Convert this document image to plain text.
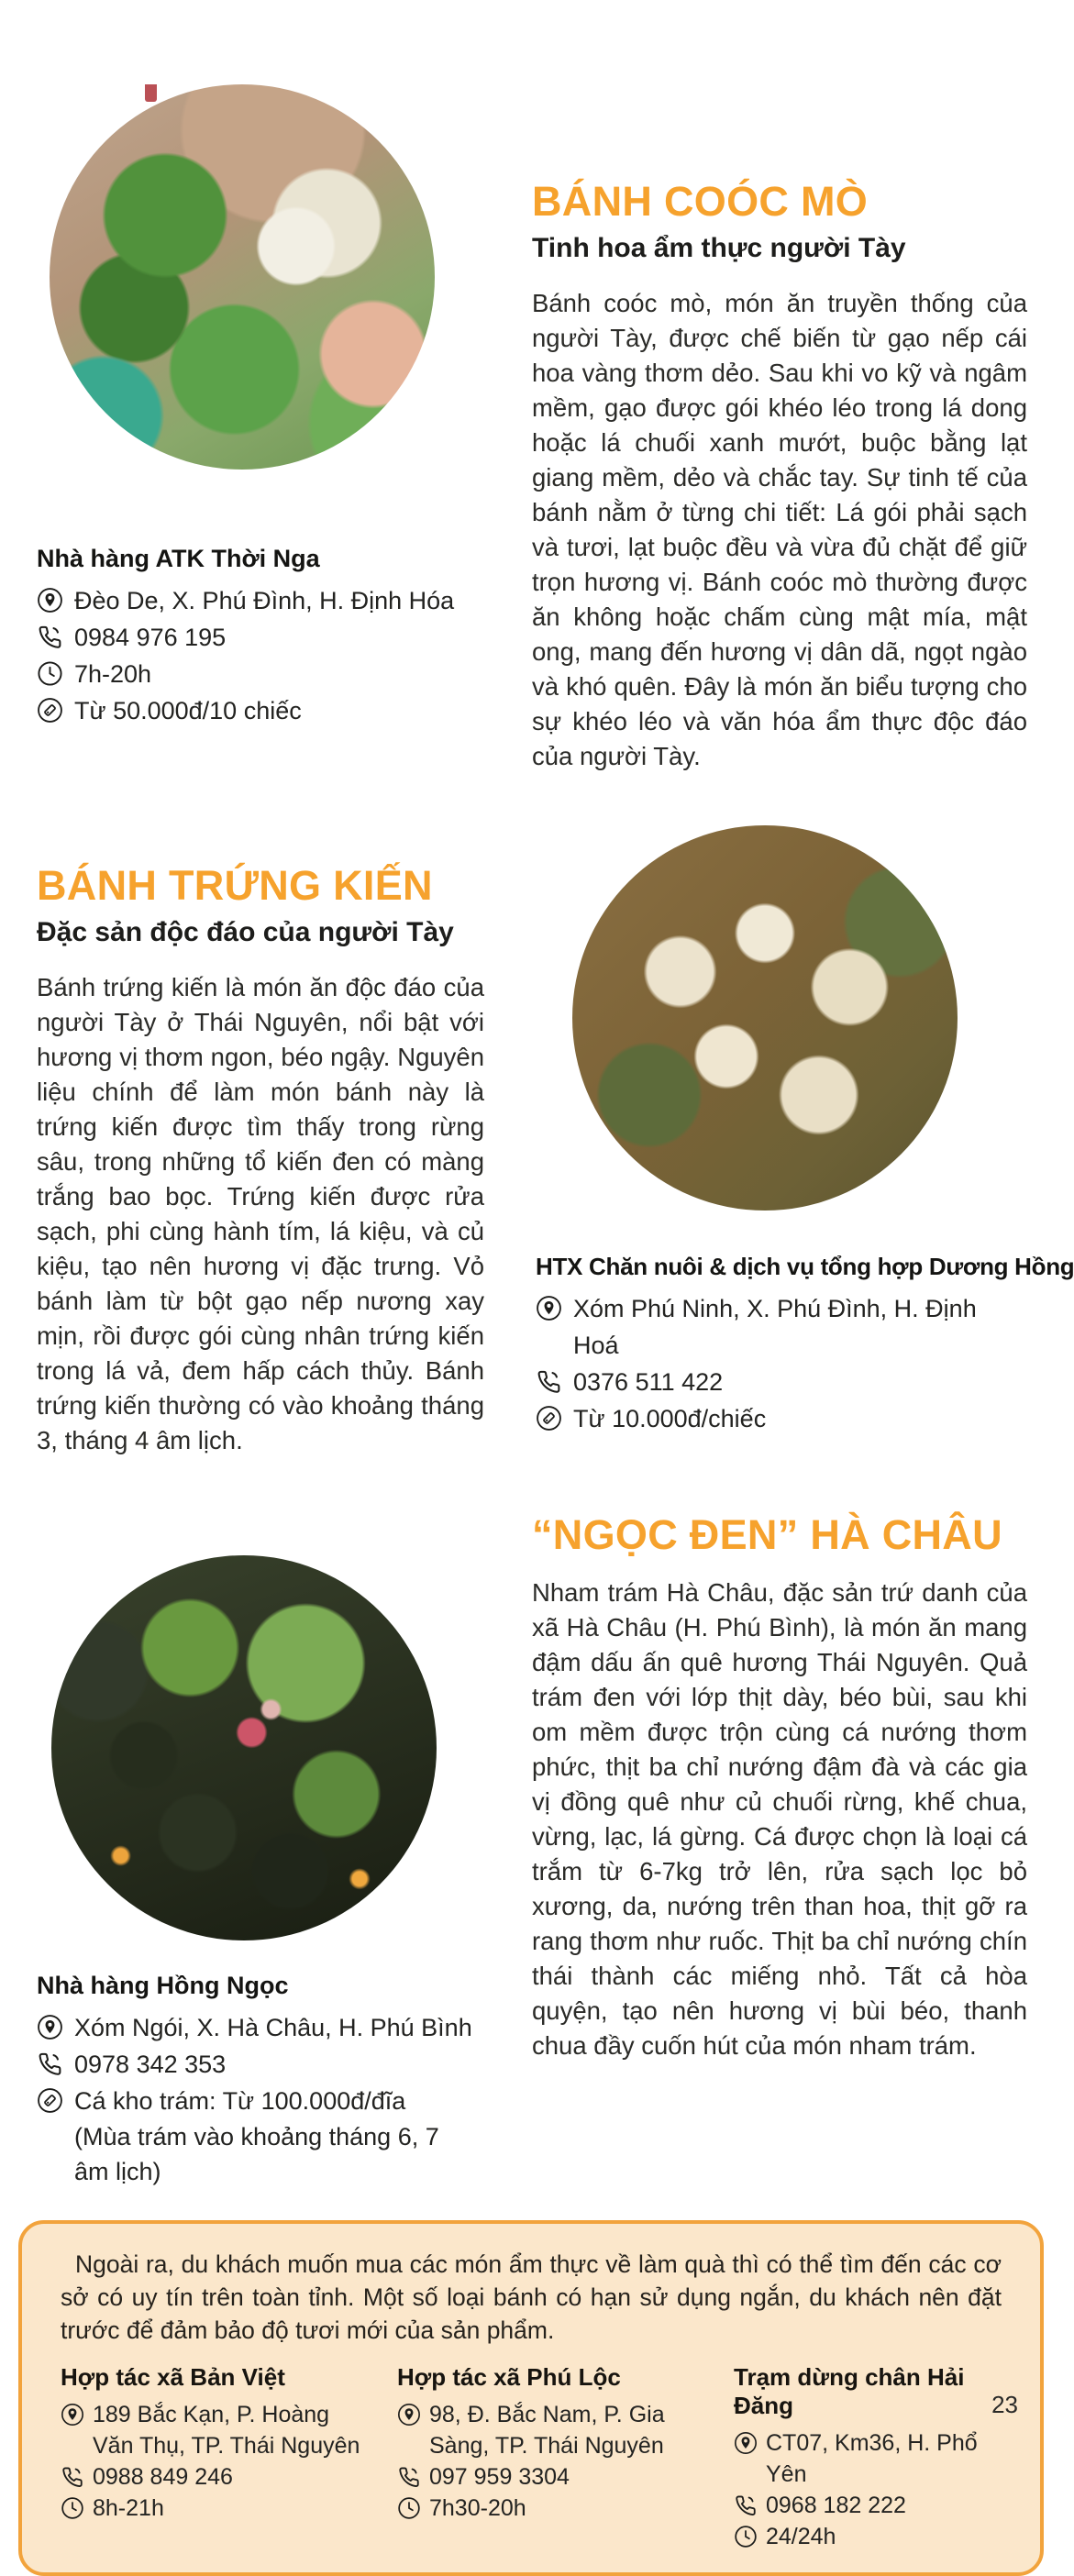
Nhà hàng ATK Thời Nga
Đèo De, X. Phú Đình, H. Định Hóa
0984 976 195
7h-20h
Từ 50.000đ/10 chiếc
BÁNH COÓC MÒ
Tinh hoa ẩm thực người Tày

Bánh coóc mò, món ăn truyền thống của người Tày, được chế biến từ gạo nếp cái hoa vàng thơm dẻo. Sau khi vo kỹ và ngâm mềm, gạo được gói khéo léo trong lá dong hoặc lá chuối xanh mướt, buộc bằng lạt giang mềm, dẻo và chắc tay. Sự tinh tế của bánh nằm ở từng chi tiết: Lá gói phải sạch và tươi, lạt buộc đều và vừa đủ chặt để giữ trọn hương vị. Bánh coóc mò thường được ăn không hoặc chấm cùng mật mía, mật ong, mang đến hương vị dân dã, ngọt ngào và khó quên. Đây là món ăn biểu tượng cho sự khéo léo và văn hóa ẩm thực độc đáo của người Tày.

BÁNH TRỨNG KIẾN
Đặc sản độc đáo của người Tày

Bánh trứng kiến là món ăn độc đáo của người Tày ở Thái Nguyên, nổi bật với hương vị thơm ngon, béo ngậy. Nguyên liệu chính để làm món bánh này là trứng kiến được tìm thấy trong rừng sâu, trong những tổ kiến đen có màng trắng bao bọc. Trứng kiến được rửa sạch, phi cùng hành tím, lá kiệu, và củ kiệu, tạo nên hương vị đặc trưng. Vỏ bánh làm từ bột gạo nếp nương xay mịn, rồi được gói cùng nhân trứng kiến trong lá vả, đem hấp cách thủy. Bánh trứng kiến thường có vào khoảng tháng 3, tháng 4 âm lịch.

HTX Chăn nuôi & dịch vụ tổng hợp Dương Hồng
Xóm Phú Ninh, X. Phú Đình, H. Định Hoá
0376 511 422
Từ 10.000đ/chiếc
Nhà hàng Hồng Ngọc
Xóm Ngói, X. Hà Châu, H. Phú Bình
0978 342 353
Cá kho trám: Từ 100.000đ/đĩa
(Mùa trám vào khoảng tháng 6, 7 âm lịch)
“NGỌC ĐEN” HÀ CHÂU

Nham trám Hà Châu, đặc sản trứ danh của xã Hà Châu (H. Phú Bình), là món ăn mang đậm dấu ấn quê hương Thái Nguyên. Quả trám đen với lớp thịt dày, béo bùi, sau khi om mềm được trộn cùng cá nướng thơm phức, thịt ba chỉ nướng đậm đà và các gia vị đồng quê như củ chuối rừng, khế chua, vừng, lạc, lá gừng. Cá được chọn là loại cá trắm từ 6-7kg trở lên, rửa sạch lọc bỏ xương, da, nướng trên than hoa, thịt gỡ ra rang thơm như ruốc. Thịt ba chỉ nướng chín thái thành các miếng nhỏ. Tất cả hòa quyện, tạo nên hương vị bùi béo, thanh chua đầy cuốn hút của món nham trám.

Ngoài ra, du khách muốn mua các món ẩm thực về làm quà thì có thể tìm đến các cơ sở có uy tín trên toàn tỉnh. Một số loại bánh có hạn sử dụng ngắn, du khách nên đặt trước để đảm bảo độ tươi mới của sản phẩm.

Hợp tác xã Bản Việt
189 Bắc Kạn, P. Hoàng Văn Thụ, TP. Thái Nguyên
0988 849 246
8h-21h
Hợp tác xã Phú Lộc
98, Đ. Bắc Nam, P. Gia Sàng, TP. Thái Nguyên
097 959 3304
7h30-20h
Trạm dừng chân Hải Đăng
CT07, Km36, H. Phổ Yên
0968 182 222
24/24h
23
